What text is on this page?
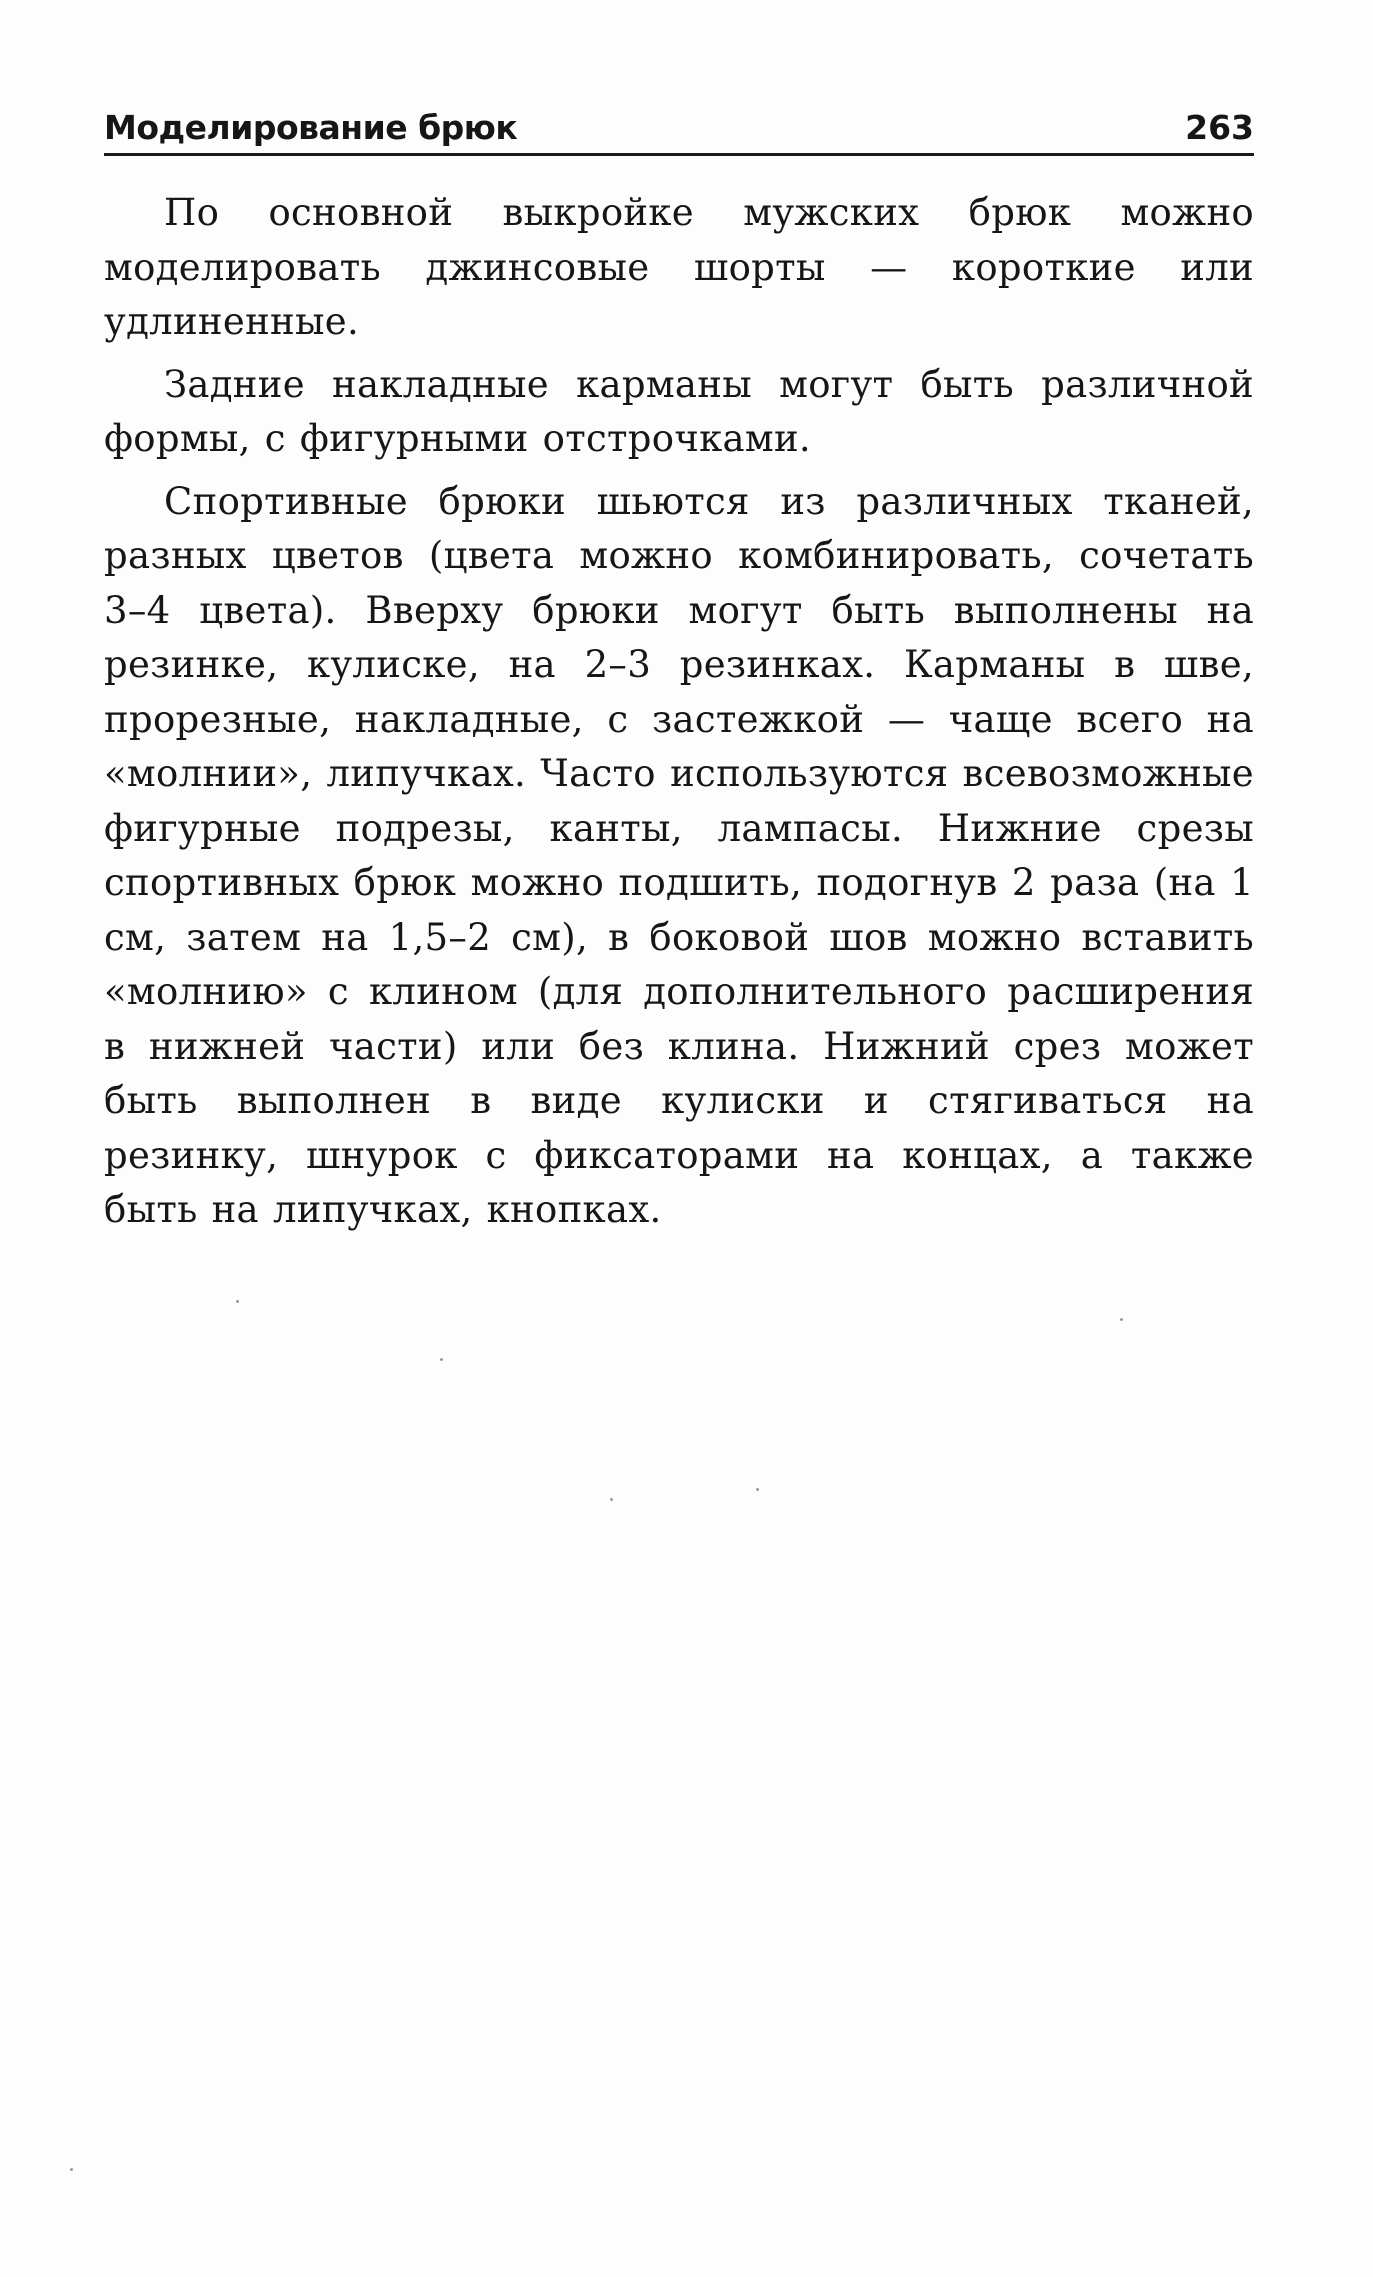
Моделирование брюк	263

По основной выкройке мужских брюк можно моделировать джинсовые шорты — короткие или удлиненные.

Задние накладные карманы могут быть различной формы, с фигурными отстрочками.

Спортивные брюки шьются из различных тканей, разных цветов (цвета можно комбинировать, сочетать 3–4 цвета). Вверху брюки могут быть выполнены на резинке, кулиске, на 2–3 резинках. Карманы в шве, прорезные, накладные, с застежкой — чаще всего на «молнии», липучках. Часто используются всевозможные фигурные подрезы, канты, лампасы. Нижние срезы спортивных брюк можно подшить, подогнув 2 раза (на 1 см, затем на 1,5–2 см), в боковой шов можно вставить «молнию» с клином (для дополнительного расширения в нижней части) или без клина. Нижний срез может быть выполнен в виде кулиски и стягиваться на резинку, шнурок с фиксаторами на концах, а также быть на липучках, кнопках.
